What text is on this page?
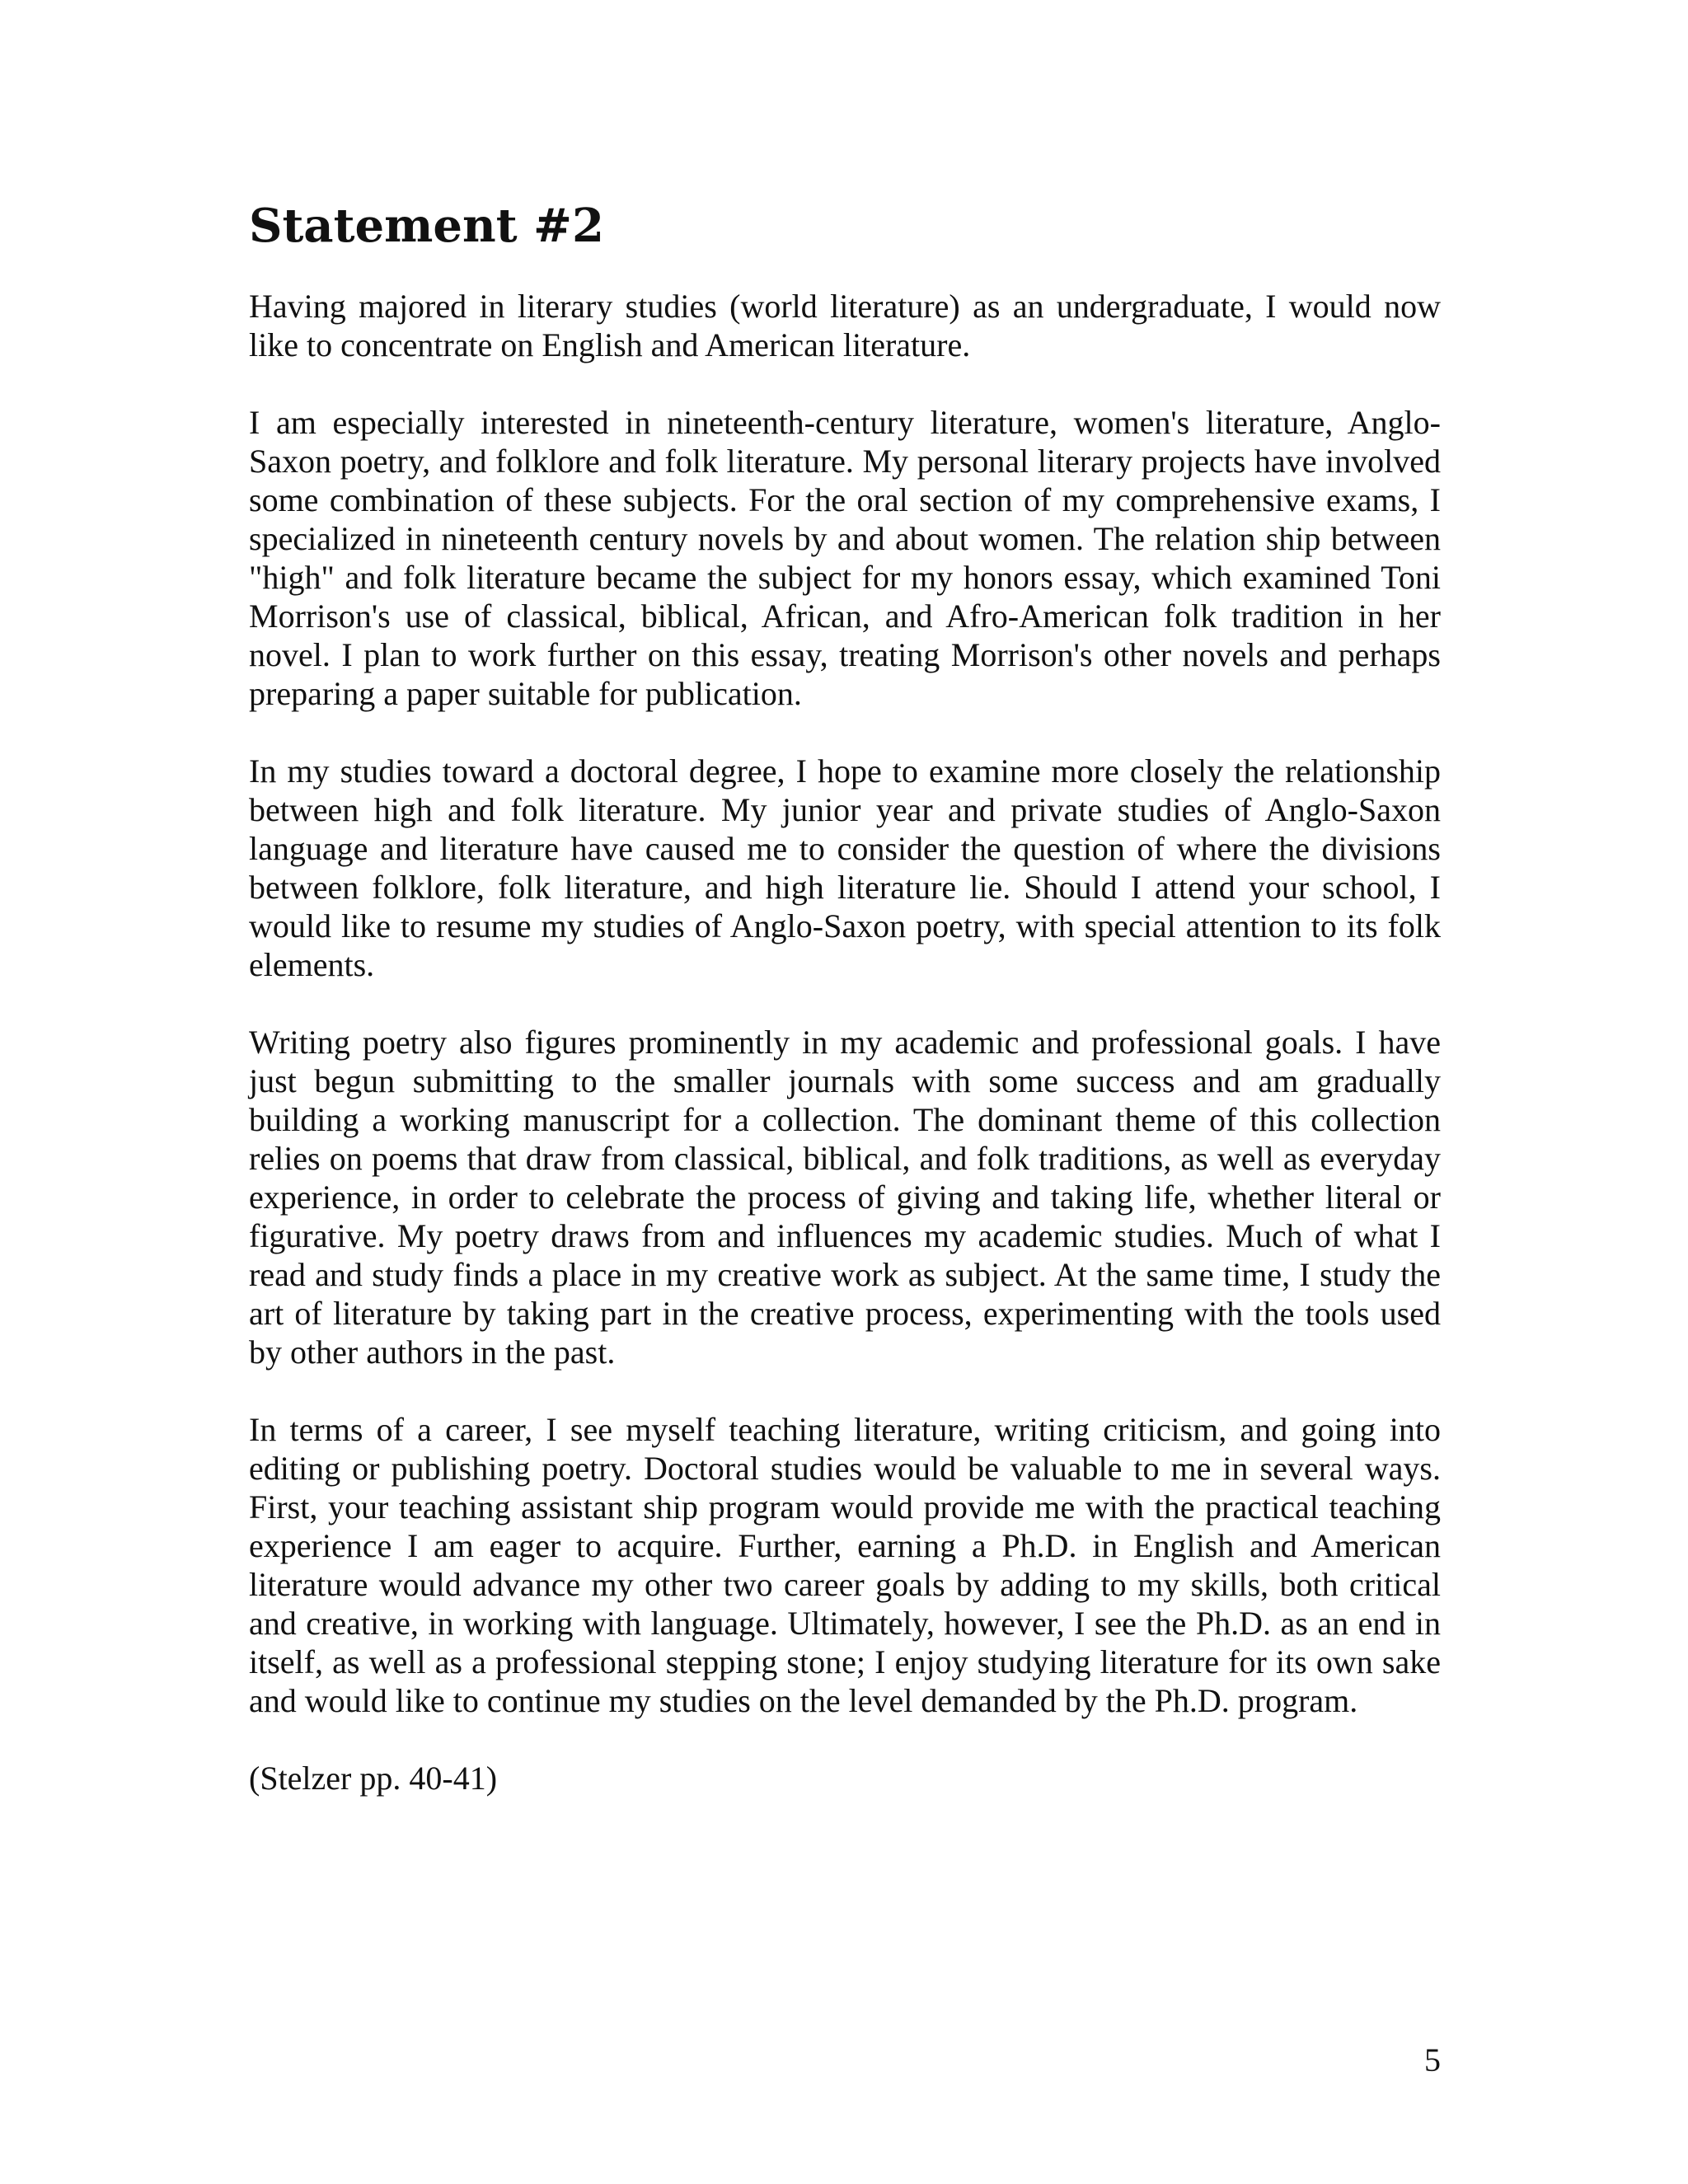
Statement #2

Having majored in literary studies (world literature) as an undergraduate, I would now like to concentrate on English and American literature.

I am especially interested in nineteenth-century literature, women's literature, Anglo-Saxon poetry, and folklore and folk literature. My personal literary projects have involved some combination of these subjects. For the oral section of my comprehensive exams, I specialized in nineteenth century novels by and about women. The relation ship between "high" and folk literature became the subject for my honors essay, which examined Toni Morrison's use of classical, biblical, African, and Afro-American folk tradition in her novel. I plan to work further on this essay, treating Morrison's other novels and perhaps preparing a paper suitable for publication.

In my studies toward a doctoral degree, I hope to examine more closely the relationship between high and folk literature. My junior year and private studies of Anglo-Saxon language and literature have caused me to consider the question of where the divisions between folklore, folk literature, and high literature lie. Should I attend your school, I would like to resume my studies of Anglo-Saxon poetry, with special attention to its folk elements.

Writing poetry also figures prominently in my academic and professional goals. I have just begun submitting to the smaller journals with some success and am gradually building a working manuscript for a collection. The dominant theme of this collection relies on poems that draw from classical, biblical, and folk traditions, as well as everyday experience, in order to celebrate the process of giving and taking life, whether literal or figurative. My poetry draws from and influences my academic studies. Much of what I read and study finds a place in my creative work as subject. At the same time, I study the art of literature by taking part in the creative process, experimenting with the tools used by other authors in the past.

In terms of a career, I see myself teaching literature, writing criticism, and going into editing or publishing poetry. Doctoral studies would be valuable to me in several ways. First, your teaching assistant ship program would provide me with the practical teaching experience I am eager to acquire. Further, earning a Ph.D. in English and American literature would advance my other two career goals by adding to my skills, both critical and creative, in working with language. Ultimately, however, I see the Ph.D. as an end in itself, as well as a professional stepping stone; I enjoy studying literature for its own sake and would like to continue my studies on the level demanded by the Ph.D. program.

(Stelzer pp. 40-41)

5
